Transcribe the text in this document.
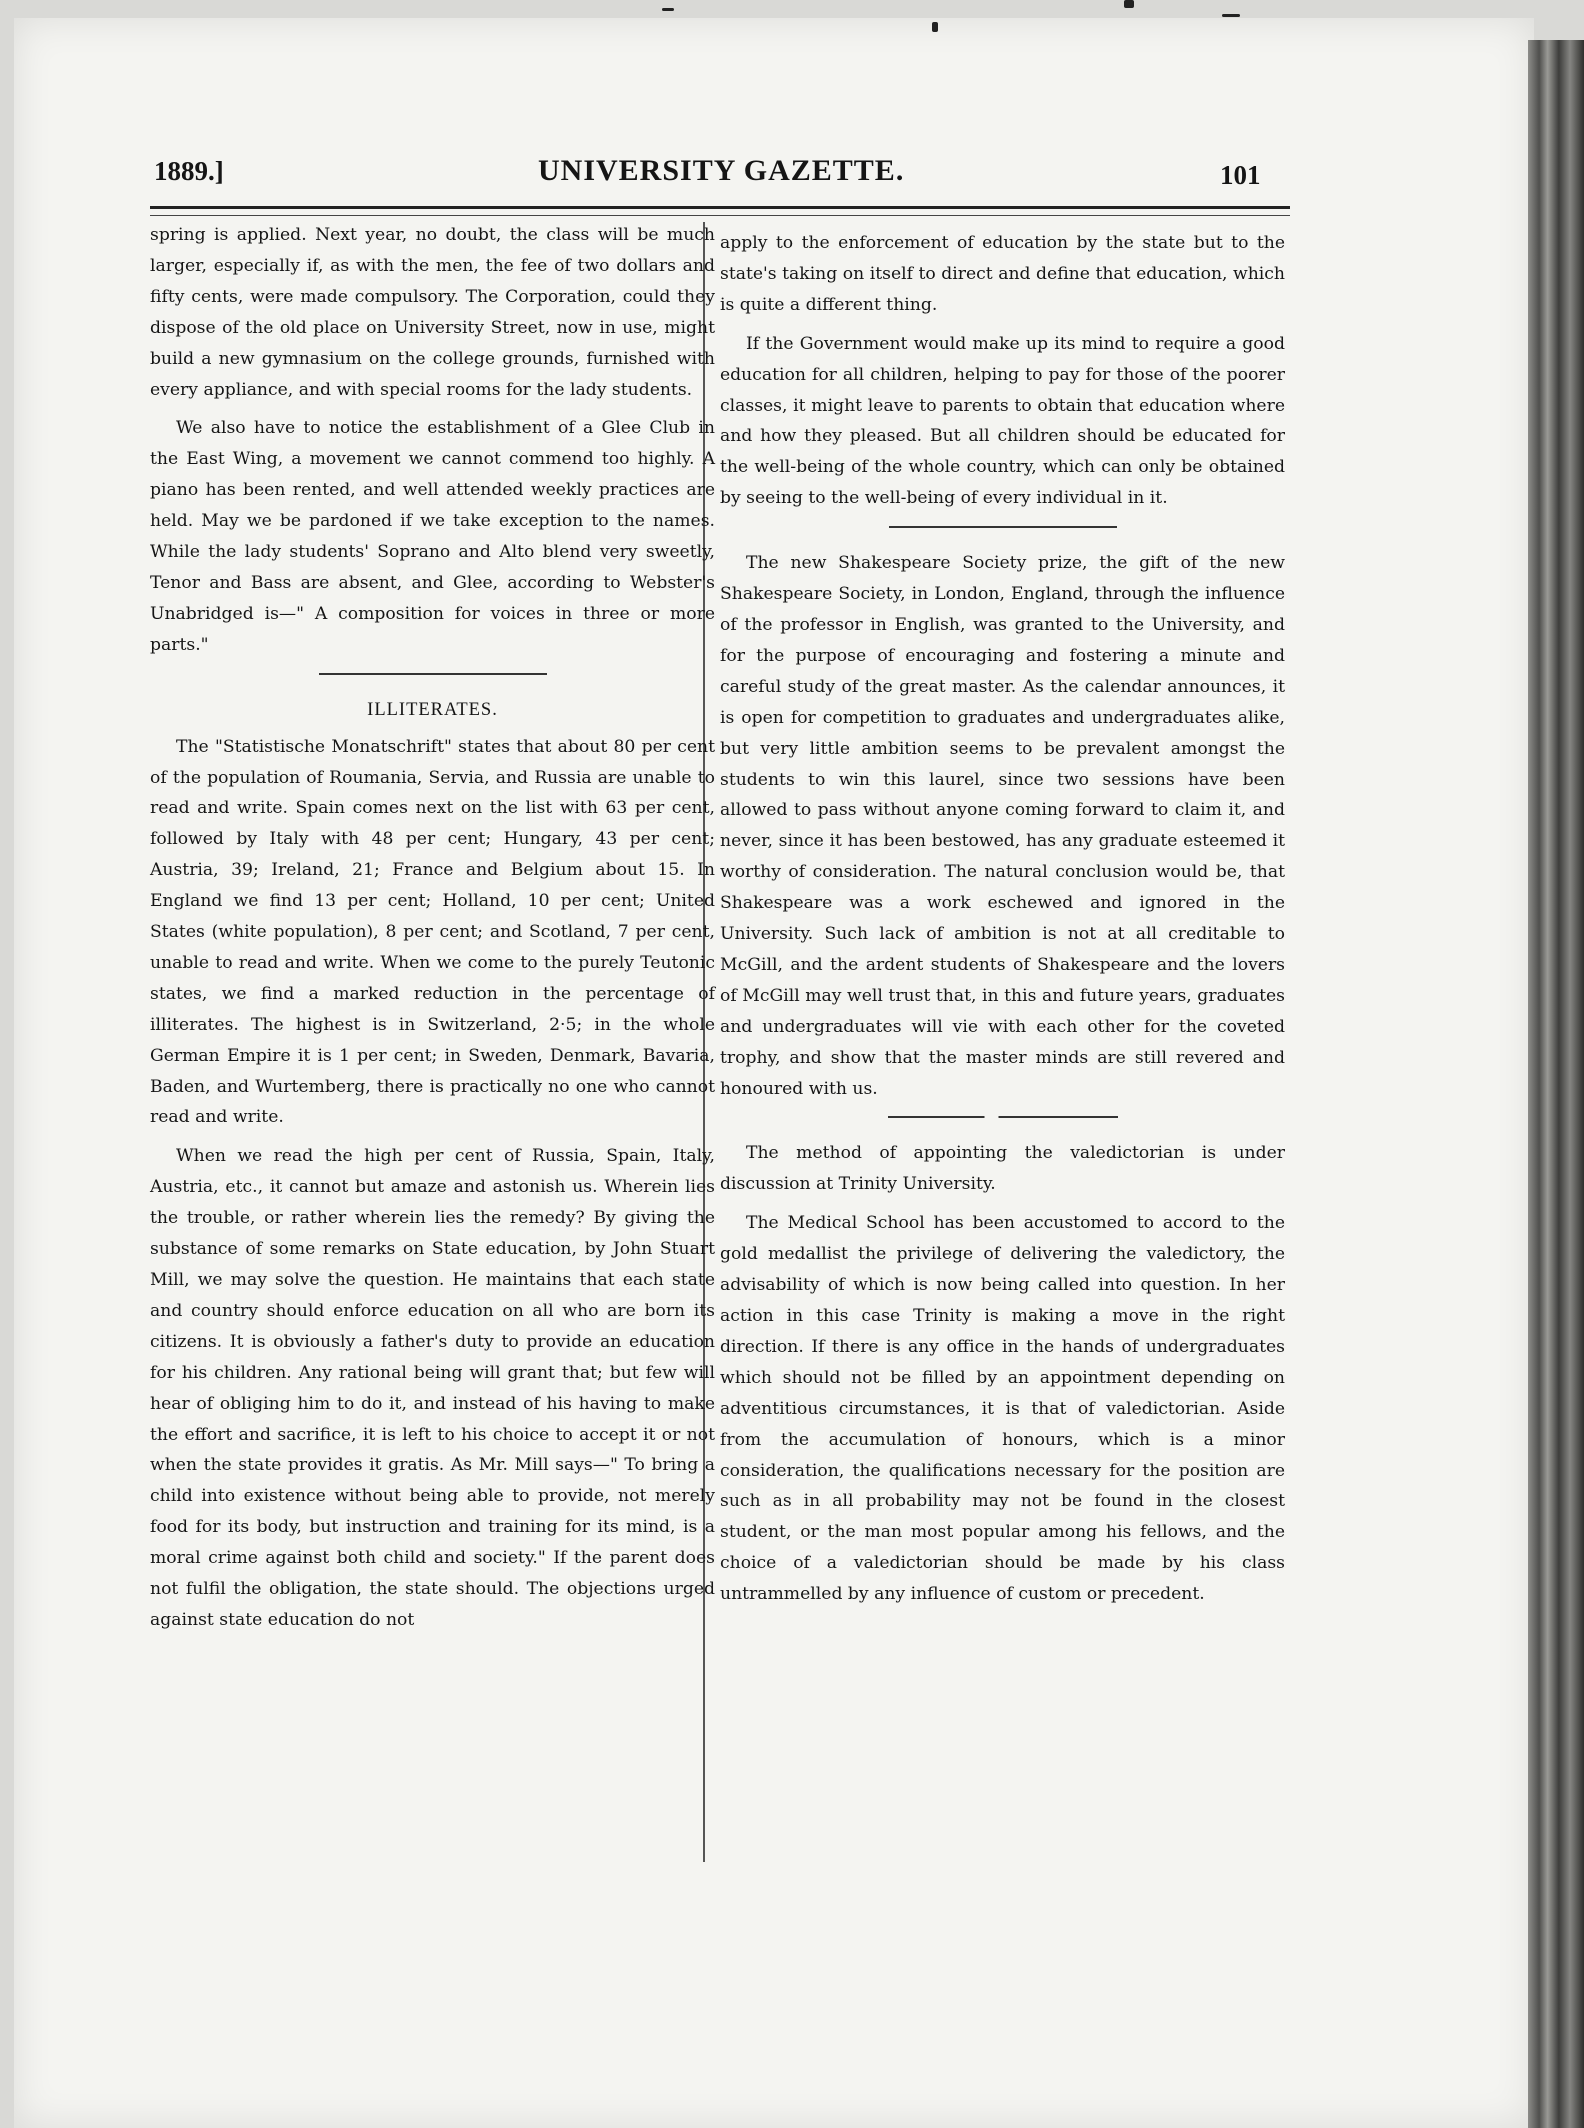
1889.]	UNIVERSITY GAZETTE.	101

spring is applied. Next year, no doubt, the class will be much larger, especially if, as with the men, the fee of two dollars and fifty cents, were made compulsory. The Corporation, could they dispose of the old place on University Street, now in use, might build a new gymnasium on the college grounds, furnished with every appliance, and with special rooms for the lady students.

We also have to notice the establishment of a Glee Club in the East Wing, a movement we cannot commend too highly. A piano has been rented, and well attended weekly practices are held. May we be pardoned if we take exception to the names. While the lady students' Soprano and Alto blend very sweetly, Tenor and Bass are absent, and Glee, according to Webster's Unabridged is—" A composition for voices in three or more parts."

ILLITERATES.

The "Statistische Monatschrift" states that about 80 per cent of the population of Roumania, Servia, and Russia are unable to read and write. Spain comes next on the list with 63 per cent, followed by Italy with 48 per cent; Hungary, 43 per cent; Austria, 39; Ireland, 21; France and Belgium about 15. In England we find 13 per cent; Holland, 10 per cent; United States (white population), 8 per cent; and Scotland, 7 per cent, unable to read and write. When we come to the purely Teutonic states, we find a marked reduction in the percentage of illiterates. The highest is in Switzerland, 2·5; in the whole German Empire it is 1 per cent; in Sweden, Denmark, Bavaria, Baden, and Wurtemberg, there is practically no one who cannot read and write.

When we read the high per cent of Russia, Spain, Italy, Austria, etc., it cannot but amaze and astonish us. Wherein lies the trouble, or rather wherein lies the remedy? By giving the substance of some remarks on State education, by John Stuart Mill, we may solve the question. He maintains that each state and country should enforce education on all who are born its citizens. It is obviously a father's duty to provide an education for his children. Any rational being will grant that; but few will hear of obliging him to do it, and instead of his having to make the effort and sacrifice, it is left to his choice to accept it or not when the state provides it gratis. As Mr. Mill says—" To bring a child into existence without being able to provide, not merely food for its body, but instruction and training for its mind, is a moral crime against both child and society." If the parent does not fulfil the obligation, the state should. The objections urged against state education do not

apply to the enforcement of education by the state but to the state's taking on itself to direct and define that education, which is quite a different thing.

If the Government would make up its mind to require a good education for all children, helping to pay for those of the poorer classes, it might leave to parents to obtain that education where and how they pleased. But all children should be educated for the well-being of the whole country, which can only be obtained by seeing to the well-being of every individual in it.

The new Shakespeare Society prize, the gift of the new Shakespeare Society, in London, England, through the influence of the professor in English, was granted to the University, and for the purpose of encouraging and fostering a minute and careful study of the great master. As the calendar announces, it is open for competition to graduates and undergraduates alike, but very little ambition seems to be prevalent amongst the students to win this laurel, since two sessions have been allowed to pass without anyone coming forward to claim it, and never, since it has been bestowed, has any graduate esteemed it worthy of consideration. The natural conclusion would be, that Shakespeare was a work eschewed and ignored in the University. Such lack of ambition is not at all creditable to McGill, and the ardent students of Shakespeare and the lovers of McGill may well trust that, in this and future years, graduates and undergraduates will vie with each other for the coveted trophy, and show that the master minds are still revered and honoured with us.

The method of appointing the valedictorian is under discussion at Trinity University.

The Medical School has been accustomed to accord to the gold medallist the privilege of delivering the valedictory, the advisability of which is now being called into question. In her action in this case Trinity is making a move in the right direction. If there is any office in the hands of undergraduates which should not be filled by an appointment depending on adventitious circumstances, it is that of valedictorian. Aside from the accumulation of honours, which is a minor consideration, the qualifications necessary for the position are such as in all probability may not be found in the closest student, or the man most popular among his fellows, and the choice of a valedictorian should be made by his class untrammelled by any influence of custom or precedent.
